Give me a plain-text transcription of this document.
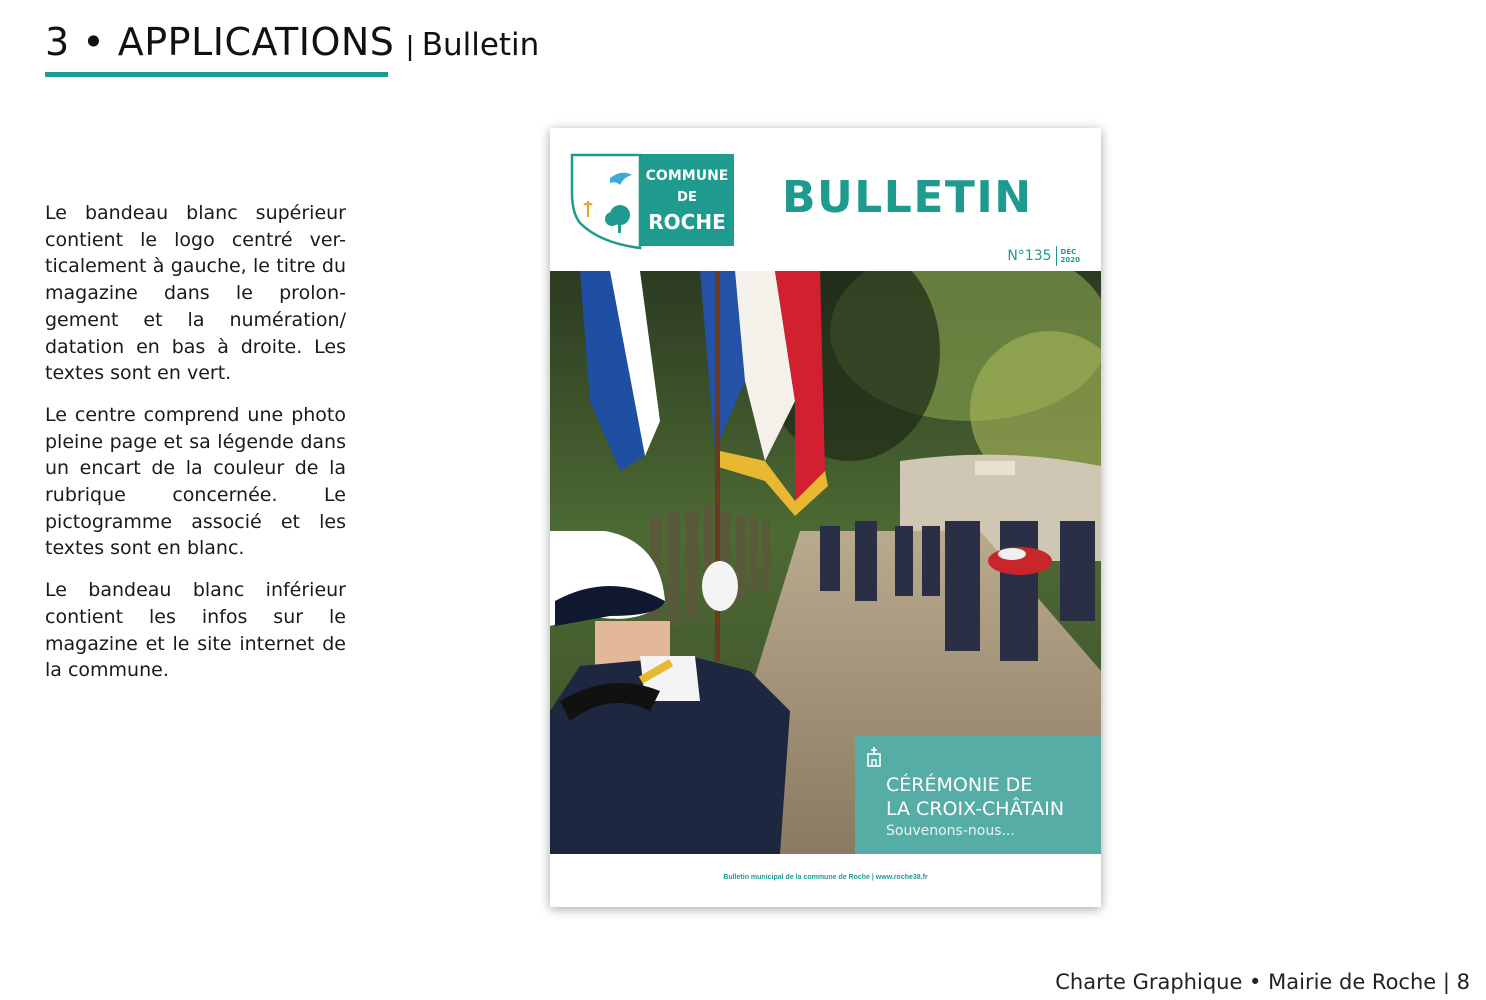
3 • APPLICATIONS | Bulletin

Le bandeau blanc supérieur contient le logo centré ver-ticalement à gauche, le titre du magazine dans le prolon-gement et la numération/ datation en bas à droite. Les textes sont en vert.

Le centre comprend une photo pleine page et sa légende dans un encart de la couleur de la rubrique concernée. Le pictogramme associé et les textes sont en blanc.

Le bandeau blanc inférieur contient les infos sur le magazine et le site internet de la commune.

COMMUNE
DE
ROCHE BULLETIN
N°135 DÉC
2020
CÉRÉMONIE DE
LA CROIX-CHÂTAIN
Souvenons-nous...
Bulletin municipal de la commune de Roche | www.roche38.fr
Charte Graphique • Mairie de Roche | 8
